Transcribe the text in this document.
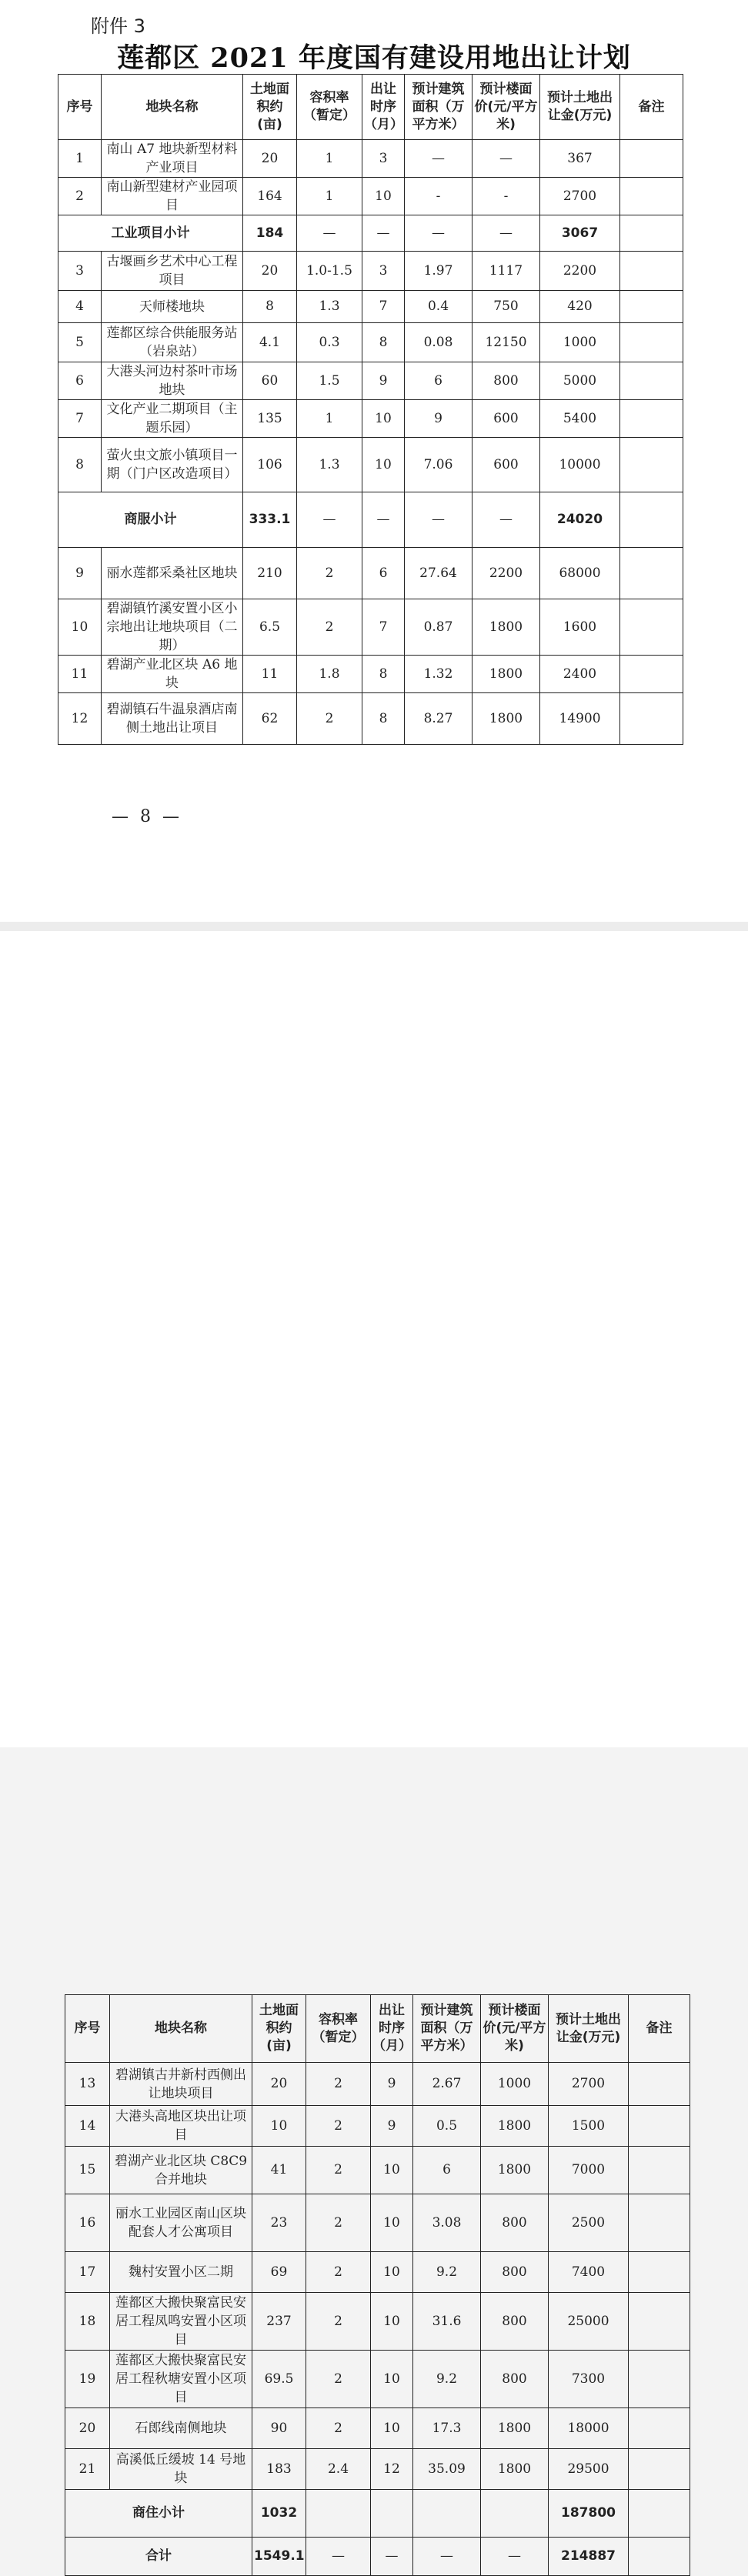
附件 3
莲都区 2021 年度国有建设用地出让计划
序号	地块名称	土地面积约(亩)	容积率（暂定）	出让时序（月）	预计建筑面积（万平方米）	预计楼面价(元/平方米)	预计土地出让金(万元)	备注
1	南山 A7 地块新型材料产业项目	20	1	3	—	—	367	
2	南山新型建材产业园项目	164	1	10	-	-	2700	
工业项目小计		184	—	—	—	—	3067	
3	古堰画乡艺术中心工程项目	20	1.0-1.5	3	1.97	1117	2200	
4	天师楼地块	8	1.3	7	0.4	750	420	
5	莲都区综合供能服务站（岩泉站）	4.1	0.3	8	0.08	12150	1000	
6	大港头河边村茶叶市场地块	60	1.5	9	6	800	5000	
7	文化产业二期项目（主题乐园）	135	1	10	9	600	5400	
8	萤火虫文旅小镇项目一期（门户区改造项目）	106	1.3	10	7.06	600	10000	
商服小计		333.1	—	—	—	—	24020	
9	丽水莲都采桑社区地块	210	2	6	27.64	2200	68000	
10	碧湖镇竹溪安置小区小宗地出让地块项目（二期）	6.5	2	7	0.87	1800	1600	
11	碧湖产业北区块 A6 地块	11	1.8	8	1.32	1800	2400	
12	碧湖镇石牛温泉酒店南侧土地出让项目	62	2	8	8.27	1800	14900	
— 8 —
序号	地块名称	土地面积约(亩)	容积率（暂定）	出让时序（月）	预计建筑面积（万平方米）	预计楼面价(元/平方米)	预计土地出让金(万元)	备注
13	碧湖镇古井新村西侧出让地块项目	20	2	9	2.67	1000	2700	
14	大港头高地区块出让项目	10	2	9	0.5	1800	1500	
15	碧湖产业北区块 C8C9 合并地块	41	2	10	6	1800	7000	
16	丽水工业园区南山区块配套人才公寓项目	23	2	10	3.08	800	2500	
17	魏村安置小区二期	69	2	10	9.2	800	7400	
18	莲都区大搬快聚富民安居工程凤鸣安置小区项目	237	2	10	31.6	800	25000	
19	莲都区大搬快聚富民安居工程秋塘安置小区项目	69.5	2	10	9.2	800	7300	
20	石郎线南侧地块	90	2	10	17.3	1800	18000	
21	高溪低丘缓坡 14 号地块	183	2.4	12	35.09	1800	29500	
商住小计		1032					187800	
合计		1549.1	—	—	—	—	214887	
